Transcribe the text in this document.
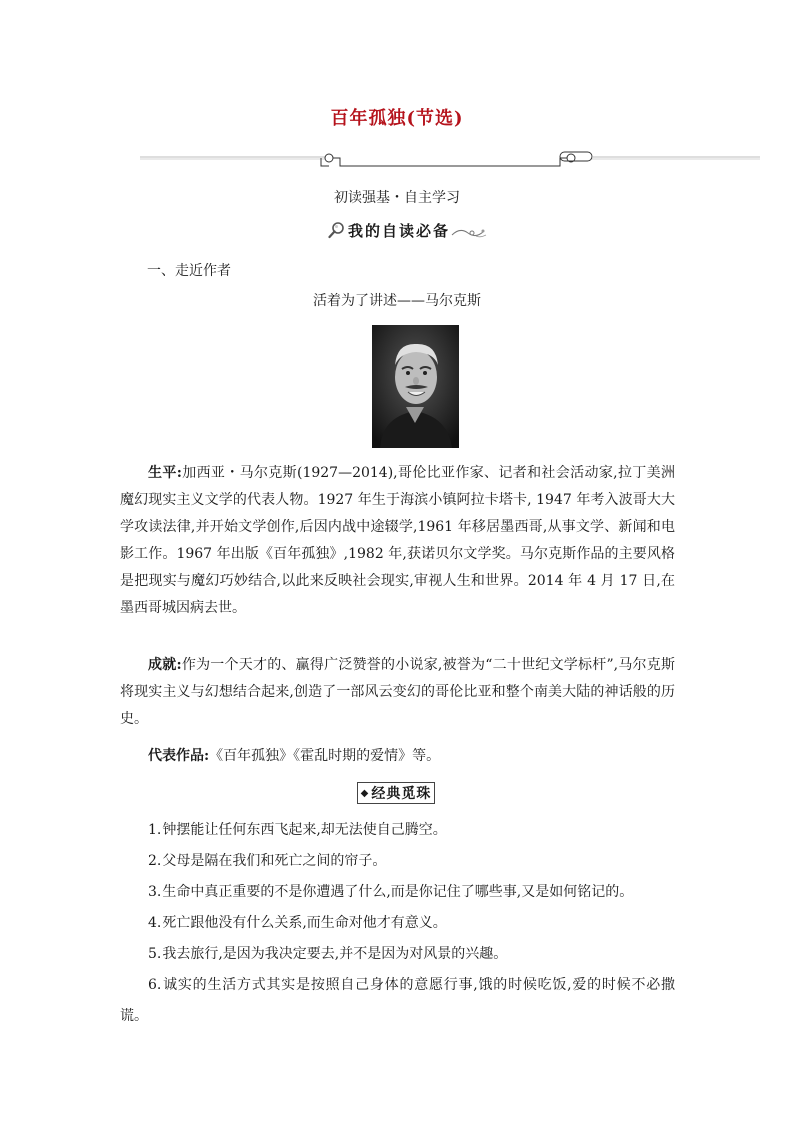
百年孤独(节选)
初读强基・自主学习
我的自读必备
一、走近作者
活着为了讲述——马尔克斯

生平:加西亚・马尔克斯(1927—2014),哥伦比亚作家、记者和社会活动家,拉丁美洲魔幻现实主义文学的代表人物。1927 年生于海滨小镇阿拉卡塔卡, 1947 年考入波哥大大学攻读法律,并开始文学创作,后因内战中途辍学,1961 年移居墨西哥,从事文学、新闻和电影工作。1967 年出版《百年孤独》,1982 年,获诺贝尔文学奖。马尔克斯作品的主要风格是把现实与魔幻巧妙结合,以此来反映社会现实,审视人生和世界。2014 年 4 月 17 日,在墨西哥城因病去世。

成就:作为一个天才的、赢得广泛赞誉的小说家,被誉为“二十世纪文学标杆”,马尔克斯将现实主义与幻想结合起来,创造了一部风云变幻的哥伦比亚和整个南美大陆的神话般的历史。

代表作品:《百年孤独》《霍乱时期的爱情》等。

◆ 经典觅珠
1.钟摆能让任何东西飞起来,却无法使自己腾空。
2.父母是隔在我们和死亡之间的帘子。
3.生命中真正重要的不是你遭遇了什么,而是你记住了哪些事,又是如何铭记的。
4.死亡跟他没有什么关系,而生命对他才有意义。
5.我去旅行,是因为我决定要去,并不是因为对风景的兴趣。
6.诚实的生活方式其实是按照自己身体的意愿行事,饿的时候吃饭,爱的时候不必撒谎。
